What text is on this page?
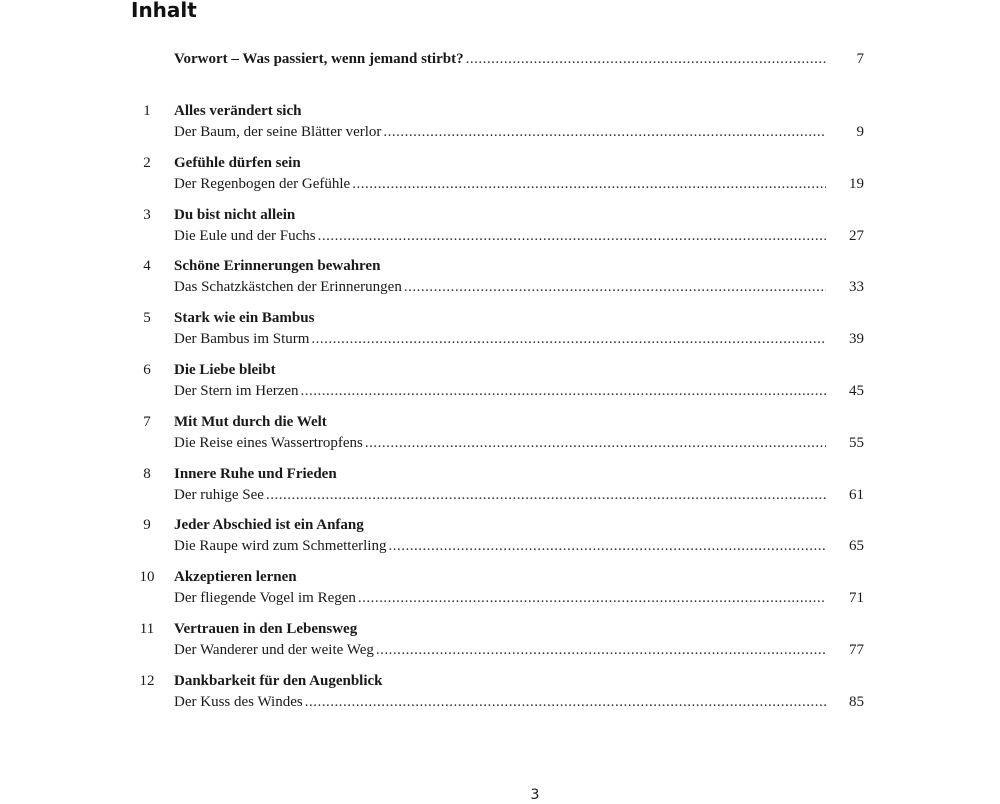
Inhalt
Vorwort – Was passiert, wenn jemand stirbt? .....	7
1	Alles verändert sich
Der Baum, der seine Blätter verlor .....	9
2	Gefühle dürfen sein
Der Regenbogen der Gefühle .....	19
3	Du bist nicht allein
Die Eule und der Fuchs .....	27
4	Schöne Erinnerungen bewahren
Das Schatzkästchen der Erinnerungen .....	33
5	Stark wie ein Bambus
Der Bambus im Sturm .....	39
6	Die Liebe bleibt
Der Stern im Herzen .....	45
7	Mit Mut durch die Welt
Die Reise eines Wassertropfens .....	55
8	Innere Ruhe und Frieden
Der ruhige See .....	61
9	Jeder Abschied ist ein Anfang
Die Raupe wird zum Schmetterling .....	65
10	Akzeptieren lernen
Der fliegende Vogel im Regen .....	71
11	Vertrauen in den Lebensweg
Der Wanderer und der weite Weg .....	77
12	Dankbarkeit für den Augenblick
Der Kuss des Windes .....	85
3
